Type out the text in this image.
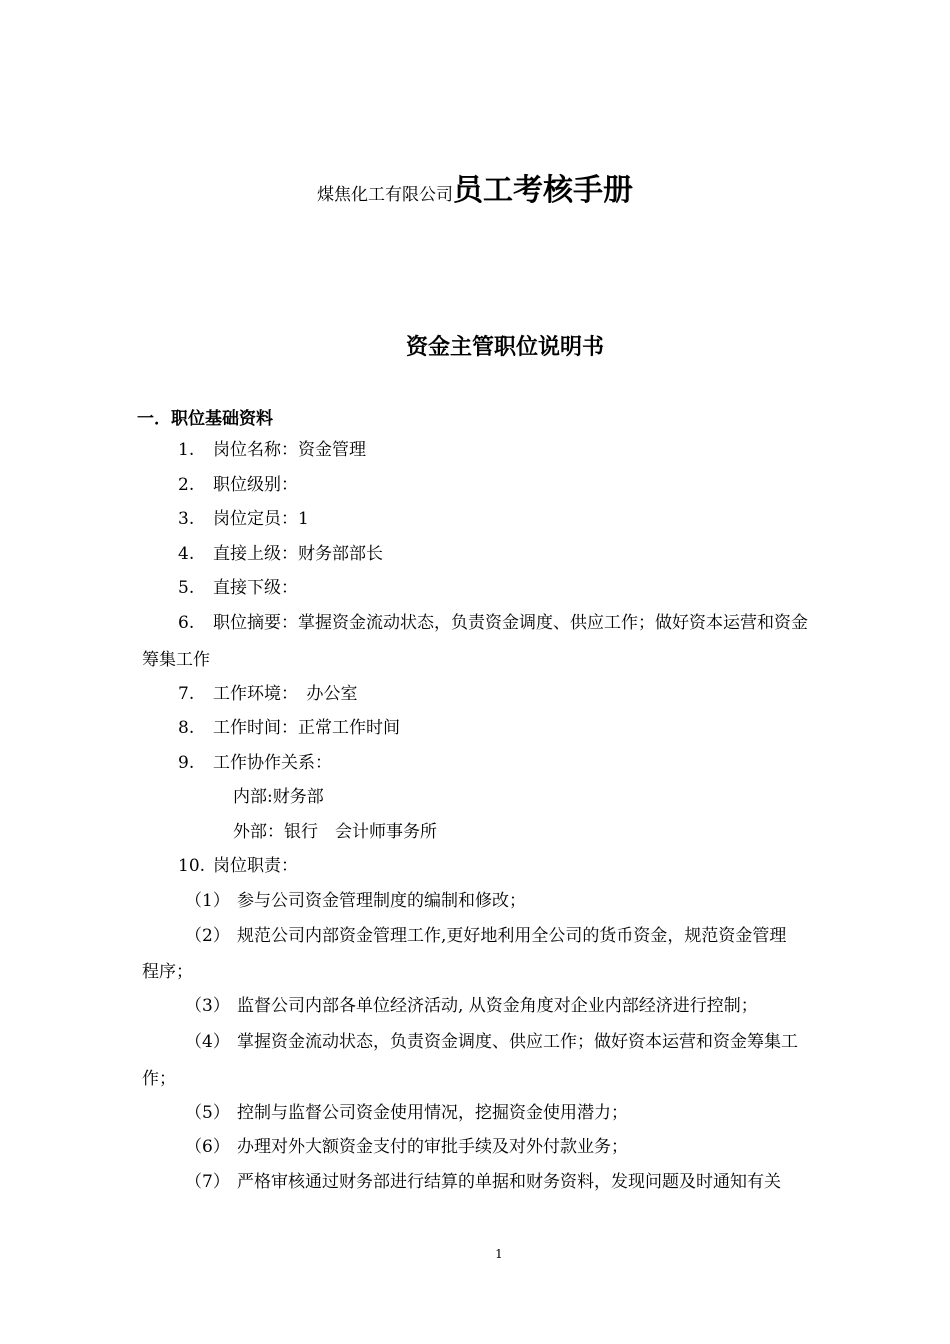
煤焦化工有限公司员工考核手册
资金主管职位说明书
一．职位基础资料
1. 岗位名称：资金管理
2. 职位级别：
3. 岗位定员：1
4. 直接上级：财务部部长
5. 直接下级：
6. 职位摘要：掌握资金流动状态，负责资金调度、供应工作；做好资本运营和资金
筹集工作
7. 工作环境：　办公室
8. 工作时间：正常工作时间
9. 工作协作关系：
内部:财务部
外部：银行　会计师事务所
10. 岗位职责：
（1） 参与公司资金管理制度的编制和修改；
（2） 规范公司内部资金管理工作,更好地利用全公司的货币资金，规范资金管理
程序；
（3） 监督公司内部各单位经济活动, 从资金角度对企业内部经济进行控制；
（4） 掌握资金流动状态，负责资金调度、供应工作；做好资本运营和资金筹集工
作；
（5） 控制与监督公司资金使用情况，挖掘资金使用潜力；
（6） 办理对外大额资金支付的审批手续及对外付款业务；
（7） 严格审核通过财务部进行结算的单据和财务资料，发现问题及时通知有关
1
